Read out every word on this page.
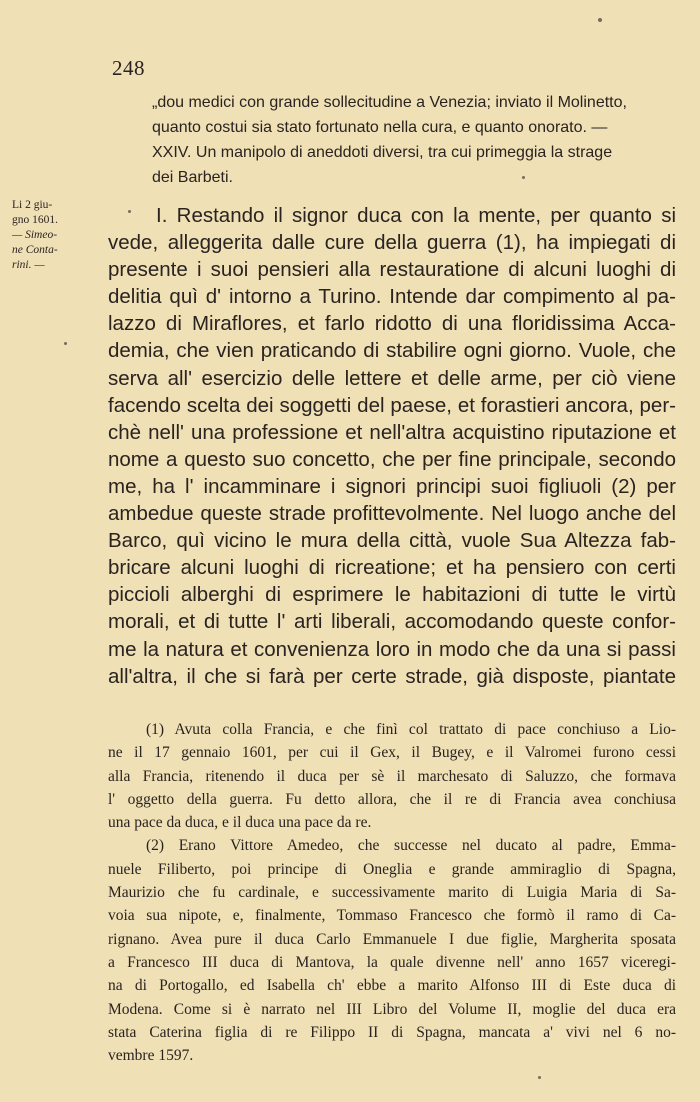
248
„dou medici con grande sollecitudine a Venezia; inviato il Molinetto,
quanto costui sia stato fortunato nella cura, e quanto onorato. —
XXIV. Un manipolo di aneddoti diversi, tra cui primeggia la strage
dei Barbeti.
Li 2 giu-
gno 1601.
— Simeo-
ne Conta-
rini. —
I. Restando il signor duca con la mente, per quanto si
vede, alleggerita dalle cure della guerra (1), ha impiegati di
presente i suoi pensieri alla restauratione di alcuni luoghi di
delitia quì d' intorno a Turino. Intende dar compimento al pa-
lazzo di Miraflores, et farlo ridotto di una floridissima Acca-
demia, che vien praticando di stabilire ogni giorno. Vuole, che
serva all' esercizio delle lettere et delle arme, per ciò viene
facendo scelta dei soggetti del paese, et forastieri ancora, per-
chè nell' una professione et nell'altra acquistino riputazione et
nome a questo suo concetto, che per fine principale, secondo
me, ha l' incamminare i signori principi suoi figliuoli (2) per
ambedue queste strade profittevolmente. Nel luogo anche del
Barco, quì vicino le mura della città, vuole Sua Altezza fab-
bricare alcuni luoghi di ricreatione; et ha pensiero con certi
piccioli alberghi di esprimere le habitazioni di tutte le virtù
morali, et di tutte l' arti liberali, accomodando queste confor-
me la natura et convenienza loro in modo che da una si passi
all'altra, il che si farà per certe strade, già disposte, piantate
(1) Avuta colla Francia, e che finì col trattato di pace conchiuso a Lio-
ne il 17 gennaio 1601, per cui il Gex, il Bugey, e il Valromei furono cessi
alla Francia, ritenendo il duca per sè il marchesato di Saluzzo, che formava
l' oggetto della guerra. Fu detto allora, che il re di Francia avea conchiusa
una pace da duca, e il duca una pace da re.
(2) Erano Vittore Amedeo, che successe nel ducato al padre, Emma-
nuele Filiberto, poi principe di Oneglia e grande ammiraglio di Spagna,
Maurizio che fu cardinale, e successivamente marito di Luigia Maria di Sa-
voia sua nipote, e, finalmente, Tommaso Francesco che formò il ramo di Ca-
rignano. Avea pure il duca Carlo Emmanuele I due figlie, Margherita sposata
a Francesco III duca di Mantova, la quale divenne nell' anno 1657 viceregi-
na di Portogallo, ed Isabella ch' ebbe a marito Alfonso III di Este duca di
Modena. Come si è narrato nel III Libro del Volume II, moglie del duca era
stata Caterina figlia di re Filippo II di Spagna, mancata a' vivi nel 6 no-
vembre 1597.
